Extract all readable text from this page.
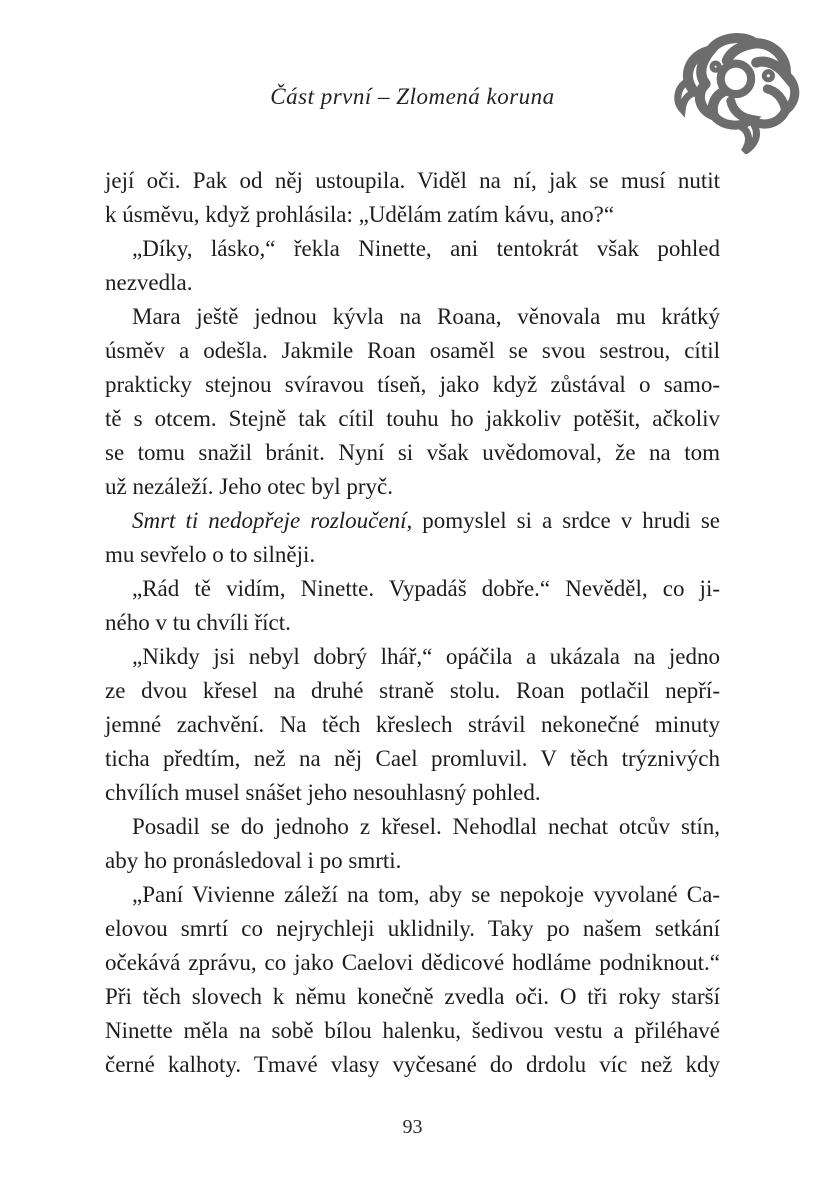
Část první – Zlomená koruna
její oči. Pak od něj ustoupila. Viděl na ní, jak se musí nutit
k úsměvu, když prohlásila: „Udělám zatím kávu, ano?“
„Díky, lásko,“ řekla Ninette, ani tentokrát však pohled
nezvedla.
Mara ještě jednou kývla na Roana, věnovala mu krátký
úsměv a odešla. Jakmile Roan osaměl se svou sestrou, cítil
prakticky stejnou svíravou tíseň, jako když zůstával o samo-
tě s otcem. Stejně tak cítil touhu ho jakkoliv potěšit, ačkoliv
se tomu snažil bránit. Nyní si však uvědomoval, že na tom
už nezáleží. Jeho otec byl pryč.
Smrt ti nedopřeje rozloučení, pomyslel si a srdce v hrudi se
mu sevřelo o to silněji.
„Rád tě vidím, Ninette. Vypadáš dobře.“ Nevěděl, co ji-
ného v tu chvíli říct.
„Nikdy jsi nebyl dobrý lhář,“ opáčila a ukázala na jedno
ze dvou křesel na druhé straně stolu. Roan potlačil nepří-
jemné zachvění. Na těch křeslech strávil nekonečné minuty
ticha předtím, než na něj Cael promluvil. V těch trýznivých
chvílích musel snášet jeho nesouhlasný pohled.
Posadil se do jednoho z křesel. Nehodlal nechat otcův stín,
aby ho pronásledoval i po smrti.
„Paní Vivienne záleží na tom, aby se nepokoje vyvolané Ca-
elovou smrtí co nejrychleji uklidnily. Taky po našem setkání
očekává zprávu, co jako Caelovi dědicové hodláme podniknout.“
Při těch slovech k němu konečně zvedla oči. O tři roky starší
Ninette měla na sobě bílou halenku, šedivou vestu a přiléhavé
černé kalhoty. Tmavé vlasy vyčesané do drdolu víc než kdy
93
